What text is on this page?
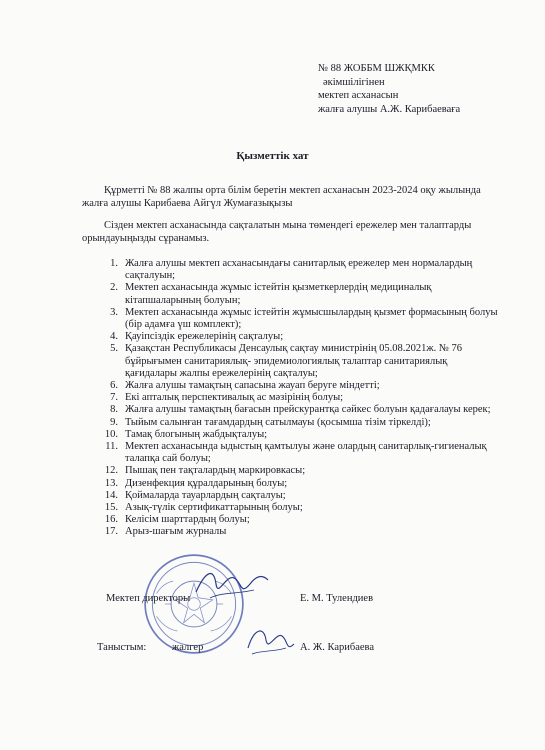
№ 88 ЖОББМ ШЖҚМКК
әкімшілігінен
мектеп асханасын
жалға алушы А.Ж. Карибаеваға
Қызметтік хат
Құрметті № 88 жалпы орта білім беретін мектеп асханасын 2023-2024 оқу жылында жалға алушы Карибаева Айгүл Жумағазықызы
Сізден мектеп асханасында сақталатын мына төмендегі ережелер мен талаптарды орындауыңызды сұранамыз.
1. Жалға алушы мектеп асханасындағы санитарлық ережелер мен нормалардың сақталуын;
2. Мектеп асханасында жұмыс істейтін қызметкерлердің медициналық кітапшаларының болуын;
3. Мектеп асханасында жұмыс істейтін жұмысшылардың қызмет формасының болуы (бір адамға үш комплект);
4. Қауіпсіздік ережелерінің сақталуы;
5. Қазақстан Республикасы Денсаулық сақтау министрінің 05.08.2021ж. № 76 бұйрығымен санитариялық- эпидемиологиялық талаптар санитариялық қағидалары жалпы ережелерінің сақталуы;
6. Жалға алушы тамақтың сапасына жауап беруге міндетті;
7. Екі апталық перспективалық ас мәзірінің болуы;
8. Жалға алушы тамақтың бағасын прейскурантқа сәйкес болуын қадағалауы керек;
9. Тыйым салынған тағамдардың сатылмауы (қосымша тізім тіркелді);
10. Тамақ блогының жабдықталуы;
11. Мектеп асханасында ыдыстың қамтылуы және олардың санитарлық-гигиеналық талапқа сай болуы;
12. Пышақ пен тақталардың маркировкасы;
13. Дизенфекция құралдарының болуы;
14. Қоймаларда тауарлардың сақталуы;
15. Азық-түлік сертификаттарының болуы;
16. Келісім шарттардың болуы;
17. Арыз-шағым журналы
Мектеп директоры	Е. М. Тулендиев
Таныстым: жалгер	А. Ж. Карибаева
